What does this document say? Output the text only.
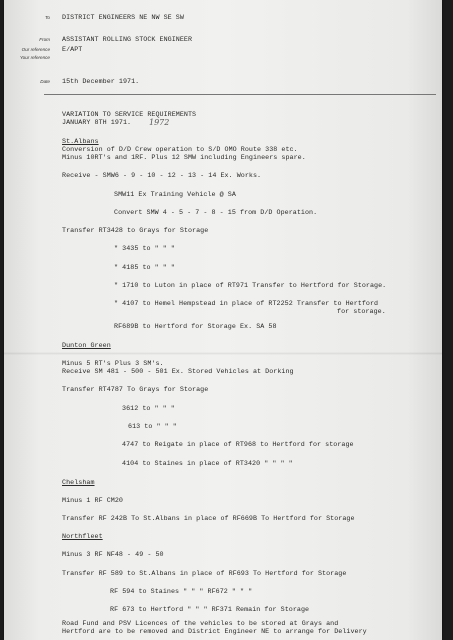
To DISTRICT ENGINEERS NE NW SE SW
From ASSISTANT ROLLING STOCK ENGINEER
Our reference E/APT
Your reference
Date 15th December 1971.
VARIATION TO SERVICE REQUIREMENTS
JANUARY 8TH 1971. 1972
St.Albans
Conversion of D/D Crew operation to S/D OMO Route 338 etc.
Minus 10RT's and 1RF. Plus 12 SMW including Engineers spare.
Receive - SMW6 - 9 - 10 - 12 - 13 - 14 Ex. Works.
SMW11 Ex Training Vehicle @ SA
Convert SMW 4 - 5 - 7 - 8 - 15 from D/D Operation.
Transfer RT3428 to Grays for Storage
" 3435 to " " "
" 4185 to " " "
" 1710 to Luton in place of RT971 Transfer to Hertford for Storage.
" 4107 to Hemel Hempstead in place of RT2252 Transfer to Hertford
for storage.
RF689B to Hertford for Storage Ex. SA 58
Dunton Green
Minus 5 RT's Plus 3 SM's.
Receive SM 481 - 500 - 501 Ex. Stored Vehicles at Dorking
Transfer RT4787 To Grays for Storage
3612 to " " "
613 to " " "
4747 to Reigate in place of RT968 to Hertford for storage
4104 to Staines in place of RT3420 " " " "
Chelsham
Minus 1 RF CM20
Transfer RF 242B To St.Albans in place of RF669B To Hertford for Storage
Northfleet
Minus 3 RF NF48 - 49 - 50
Transfer RF 589 to St.Albans in place of RF693 To Hertford for Storage
RF 594 to Staines " " " RF672 " " "
RF 673 to Hertford " " " RF371 Remain for Storage
Road Fund and PSV Licences of the vehicles to be stored at Grays and
Hertford are to be removed and District Engineer NE to arrange for Delivery
